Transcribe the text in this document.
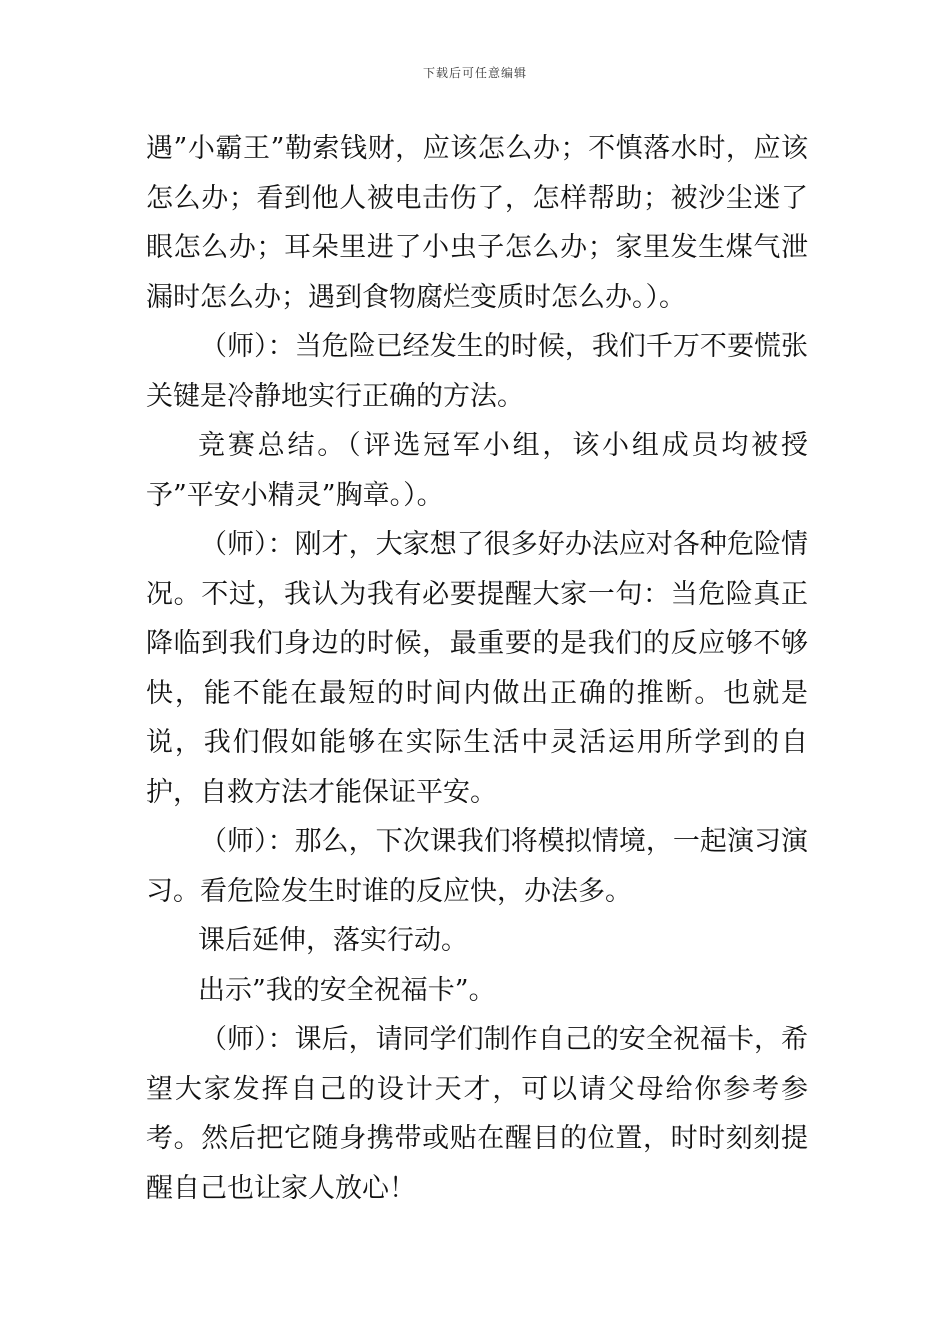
下载后可任意编辑

遇”小霸王”勒索钱财，应该怎么办；不慎落水时，应该怎么办；看到他人被电击伤了，怎样帮助；被沙尘迷了眼怎么办；耳朵里进了小虫子怎么办；家里发生煤气泄漏时怎么办；遇到食物腐烂变质时怎么办。）。

（师）：当危险已经发生的时候，我们千万不要慌张关键是冷静地实行正确的方法。

竞赛总结。（评选冠军小组，该小组成员均被授予”平安小精灵”胸章。）。

（师）：刚才，大家想了很多好办法应对各种危险情况。不过，我认为我有必要提醒大家一句：当危险真正降临到我们身边的时候，最重要的是我们的反应够不够快，能不能在最短的时间内做出正确的推断。也就是说，我们假如能够在实际生活中灵活运用所学到的自护，自救方法才能保证平安。

（师）：那么，下次课我们将模拟情境，一起演习演习。看危险发生时谁的反应快，办法多。

课后延伸，落实行动。

出示”我的安全祝福卡”。

（师）：课后，请同学们制作自己的安全祝福卡，希望大家发挥自己的设计天才，可以请父母给你参考参考。然后把它随身携带或贴在醒目的位置，时时刻刻提醒自己也让家人放心！
